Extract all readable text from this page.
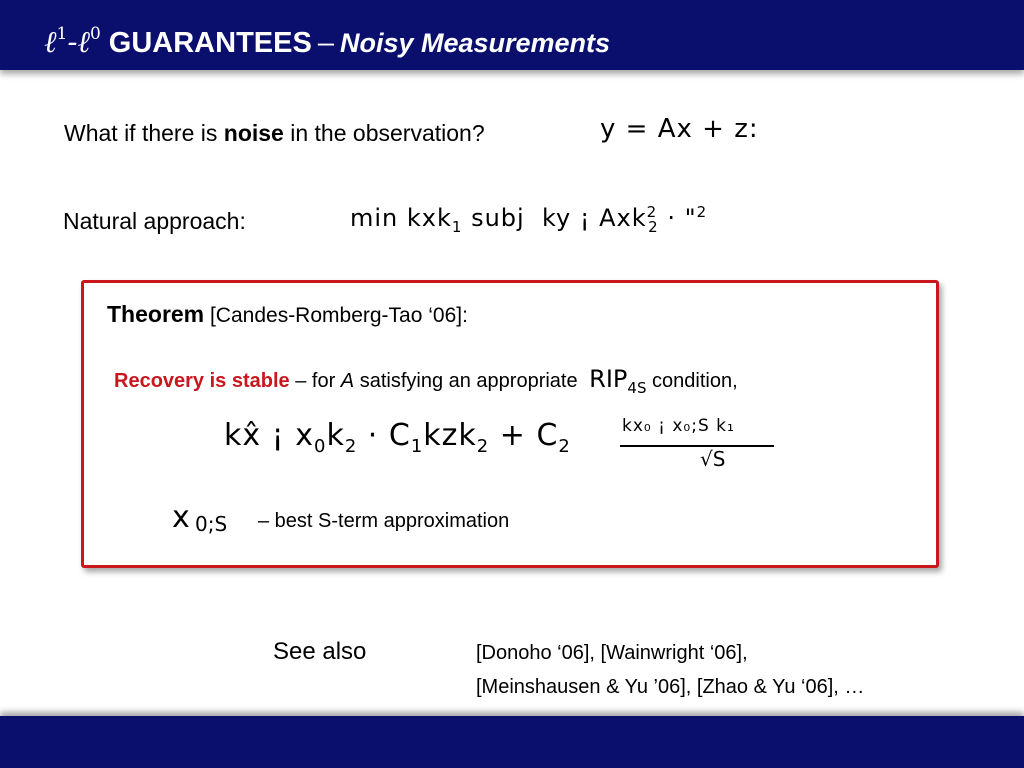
ℓ$^1$-ℓ$^0$ GUARANTEES – Noisy Measurements
What if there is noise in the observation?	y = Ax + z:
Natural approach:	min kxk$_1$ subj  ky ¡ Axk$^2_2$ · "$^2$
Theorem [Candes-Romberg-Tao ‘06]:
Recovery is stable – for A satisfying an appropriate $RIP_{4S}$ condition,
kx̂ ¡ $x_0k_2 \cdot C_1kzk_2 + C_2$
kx₀ ¡ x₀;S k₁
√S
x 0;S – best S-term approximation
See also	[Donoho ‘06], [Wainwright ‘06],
[Meinshausen & Yu ’06], [Zhao & Yu ‘06], …
